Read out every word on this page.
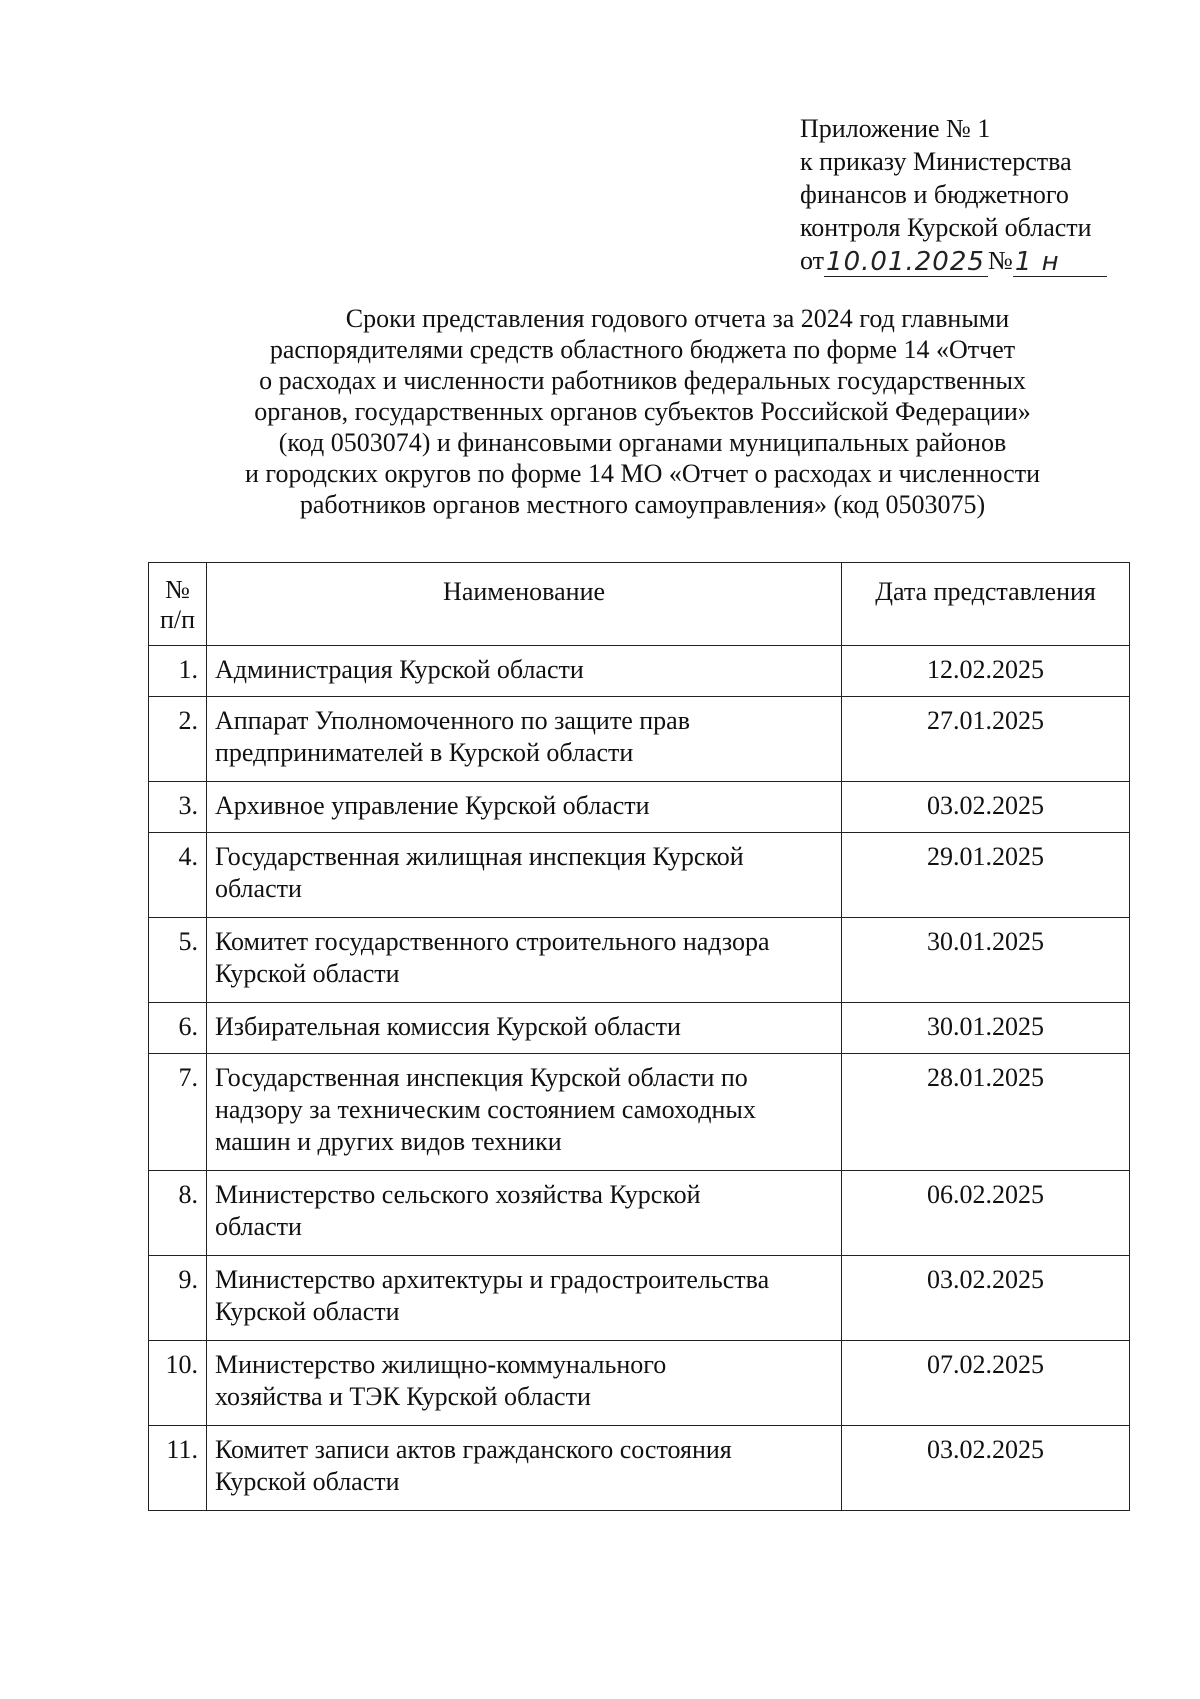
Приложение № 1
к приказу Министерства
финансов и бюджетного
контроля Курской области
от 10.01.2025 № 1 н
Сроки представления годового отчета за 2024 год главными
распорядителями средств областного бюджета по форме 14 «Отчет
о расходах и численности работников федеральных государственных
органов, государственных органов субъектов Российской Федерации»
(код 0503074) и финансовыми органами муниципальных районов
и городских округов по форме 14 МО «Отчет о расходах и численности
работников органов местного самоуправления» (код 0503075)
№
п/п	Наименование	Дата представления
1.	Администрация Курской области	12.02.2025
2.	Аппарат Уполномоченного по защите прав
предпринимателей в Курской области	27.01.2025
3.	Архивное управление Курской области	03.02.2025
4.	Государственная жилищная инспекция Курской
области	29.01.2025
5.	Комитет государственного строительного надзора
Курской области	30.01.2025
6.	Избирательная комиссия Курской области	30.01.2025
7.	Государственная инспекция Курской области по
надзору за техническим состоянием самоходных
машин и других видов техники	28.01.2025
8.	Министерство сельского хозяйства Курской
области	06.02.2025
9.	Министерство архитектуры и градостроительства
Курской области	03.02.2025
10.	Министерство жилищно-коммунального
хозяйства и ТЭК Курской области	07.02.2025
11.	Комитет записи актов гражданского состояния
Курской области	03.02.2025
